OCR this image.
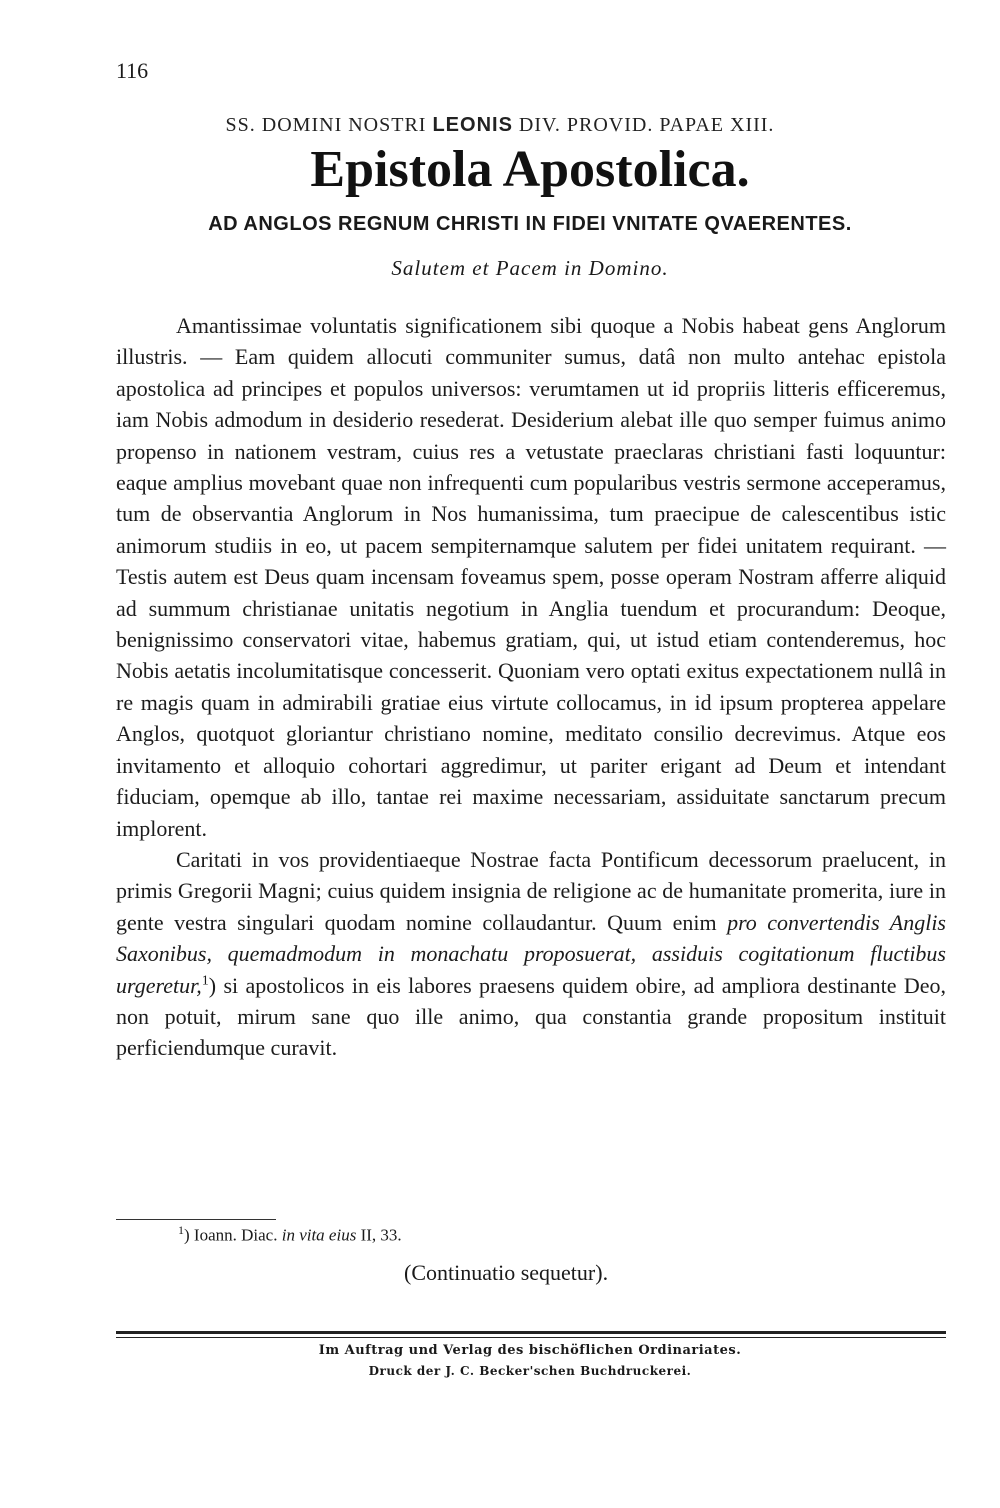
116
SS. DOMINI NOSTRI LEONIS DIV. PROVID. PAPAE XIII.
Epistola Apostolica.
AD ANGLOS REGNUM CHRISTI IN FIDEI VNITATE QVAERENTES.
Salutem et Pacem in Domino.

Amantissimae voluntatis significationem sibi quoque a Nobis habeat gens Anglorum illustris. — Eam quidem allocuti communiter sumus, datâ non multo antehac epistola apostolica ad principes et populos universos: verumtamen ut id propriis litteris efficeremus, iam Nobis admodum in desiderio resederat. Desiderium alebat ille quo semper fuimus animo propenso in nationem vestram, cuius res a vetustate praeclaras christiani fasti loquuntur: eaque amplius movebant quae non infrequenti cum popularibus vestris sermone acceperamus, tum de observantia Anglorum in Nos humanissima, tum praecipue de calescentibus istic animorum studiis in eo, ut pacem sempiternamque salutem per fidei unitatem requirant. — Testis autem est Deus quam incensam foveamus spem, posse operam Nostram afferre aliquid ad summum christianae unitatis negotium in Anglia tuendum et procurandum: Deoque, benignissimo conservatori vitae, habemus gratiam, qui, ut istud etiam contenderemus, hoc Nobis aetatis incolumitatisque concesserit. Quoniam vero optati exitus expectationem nullâ in re magis quam in admirabili gratiae eius virtute collocamus, in id ipsum propterea appelare Anglos, quotquot gloriantur christiano nomine, meditato consilio decrevimus. Atque eos invitamento et alloquio cohortari aggredimur, ut pariter erigant ad Deum et intendant fiduciam, opemque ab illo, tantae rei maxime necessariam, assiduitate sanctarum precum implorent.

Caritati in vos providentiaeque Nostrae facta Pontificum decessorum praelucent, in primis Gregorii Magni; cuius quidem insignia de religione ac de humanitate promerita, iure in gente vestra singulari quodam nomine collaudantur. Quum enim pro convertendis Anglis Saxonibus, quemadmodum in monachatu proposuerat, assiduis cogitationum fluctibus urgeretur,$^1$) si apostolicos in eis labores praesens quidem obire, ad ampliora destinante Deo, non potuit, mirum sane quo ille animo, qua constantia grande propositum instituit perficiendumque curavit.

$^1$) Ioann. Diac. in vita eius II, 33.
(Continuatio sequetur).
Im Auftrag und Verlag des bischöflichen Ordinariates.
Druck der J. C. Becker'schen Buchdruckerei.
